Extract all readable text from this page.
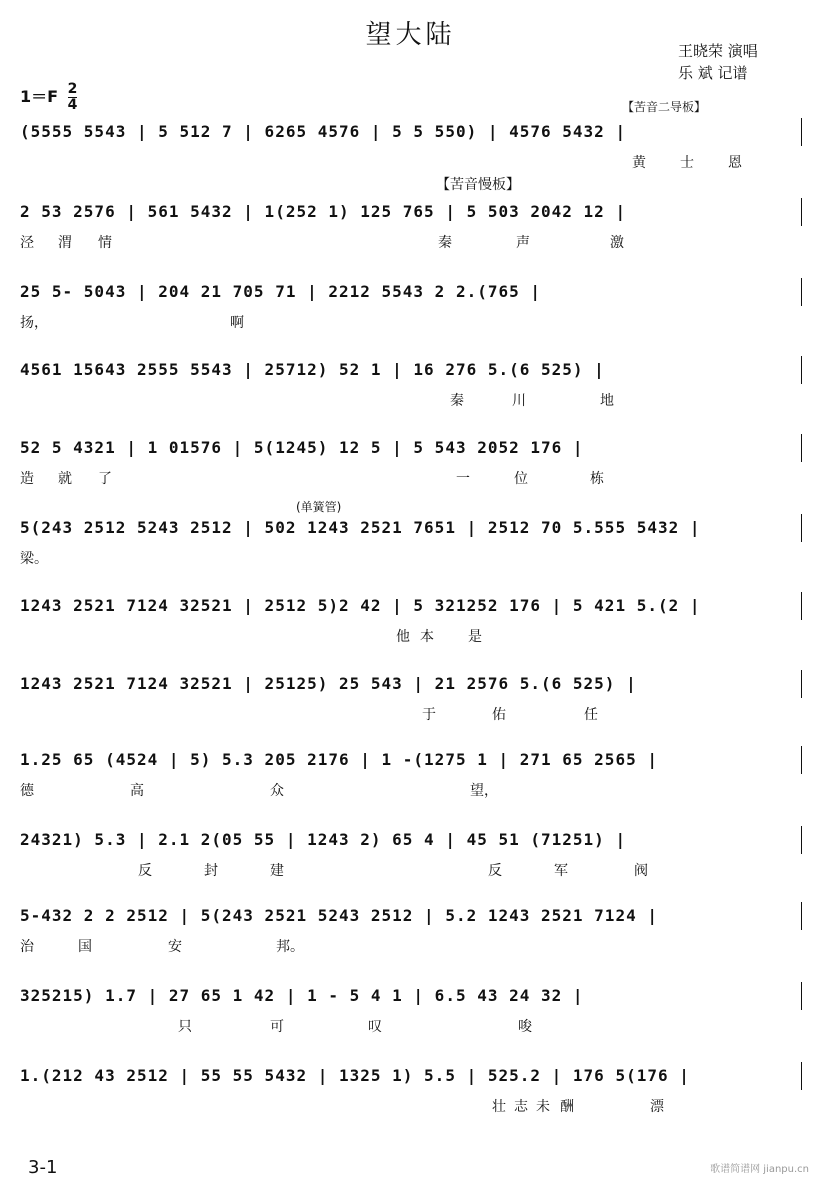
望大陆
王晓荣 演唱
乐 斌 记谱
$1=F \frac{2}{4}$	【苦音二导板】
【苦音慢板】
(单簧管)
(5555 5543 | 5 512 7 | 6265 4576 | 5 5 550) | 4576 5432 |
黄 士 恩
2 53 2576 | 561 5432 | 1(252 1) 125 765 | 5 503 2042 12 |
泾 渭 情	秦	声	激
25 5- 5043 | 204 21 705 71 | 2212 5543 2 2.(765 |
扬，	啊
4561 15643 2555 5543 | 25712) 52 1 | 16 276 5.(6 525) |
秦	川	地
52 5 4321 | 1 01576 | 5(1245) 12 5 | 5 543 2052 176 |
造 就 了	一	位	栋
5(243 2512 5243 2512 | 502 1243 2521 7651 | 2512 70 5.555 5432 |
梁。
1243 2521 7124 32521 | 2512 5)2 42 | 5 321252 176 | 5 421 5.(2 |
他 本 是
1243 2521 7124 32521 | 25125) 25 543 | 21 2576 5.(6 525) |
于	佑	任
1.25 65 (4524 | 5) 5.3 205 2176 | 1 -(1275 1 | 271 65 2565 |
德	高	众	望，
24321) 5.3 | 2.1 2(05 55 | 1243 2) 65 4 | 45 51 (71251) |
反	封	建	反	军	阀
5-432 2 2 2512 | 5(243 2521 5243 2512 | 5.2 1243 2521 7124 |
治	国	安	邦。
325215) 1.7 | 27 65 1 42 | 1 - 5 4 1 | 6.5 43 24 32 |
只	可	叹	唆
1.(212 43 2512 | 55 55 5432 | 1325 1) 5.5 | 525.2 | 176 5(176 |
壮 志 未 酬	漂
3-1	歌谱简谱网 jianpu.cn
